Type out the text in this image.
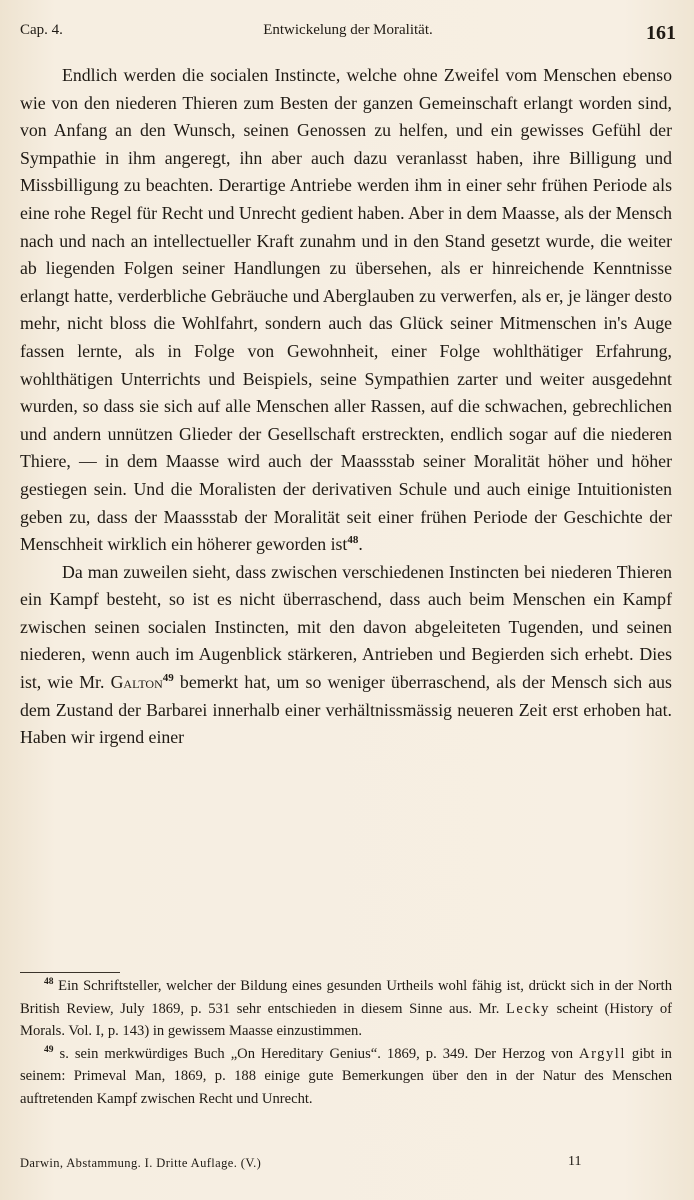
Cap. 4.	Entwickelung der Moralität.	161

Endlich werden die socialen Instincte, welche ohne Zweifel vom Menschen ebenso wie von den niederen Thieren zum Besten der ganzen Gemeinschaft erlangt worden sind, von Anfang an den Wunsch, seinen Genossen zu helfen, und ein gewisses Gefühl der Sympathie in ihm angeregt, ihn aber auch dazu veranlasst haben, ihre Billigung und Missbilligung zu beachten. Derartige Antriebe werden ihm in einer sehr frühen Periode als eine rohe Regel für Recht und Unrecht gedient haben. Aber in dem Maasse, als der Mensch nach und nach an intellectueller Kraft zunahm und in den Stand gesetzt wurde, die weiter ab liegenden Folgen seiner Handlungen zu übersehen, als er hinreichende Kenntnisse erlangt hatte, verderbliche Gebräuche und Aberglauben zu verwerfen, als er, je länger desto mehr, nicht bloss die Wohlfahrt, sondern auch das Glück seiner Mitmenschen in's Auge fassen lernte, als in Folge von Gewohnheit, einer Folge wohlthätiger Erfahrung, wohlthätigen Unterrichts und Beispiels, seine Sympathien zarter und weiter ausgedehnt wurden, so dass sie sich auf alle Menschen aller Rassen, auf die schwachen, gebrechlichen und andern unnützen Glieder der Gesellschaft erstreckten, endlich sogar auf die niederen Thiere, — in dem Maasse wird auch der Maassstab seiner Moralität höher und höher gestiegen sein. Und die Moralisten der derivativen Schule und auch einige Intuitionisten geben zu, dass der Maassstab der Moralität seit einer frühen Periode der Geschichte der Menschheit wirklich ein höherer geworden ist$^{48}$.

Da man zuweilen sieht, dass zwischen verschiedenen Instincten bei niederen Thieren ein Kampf besteht, so ist es nicht überraschend, dass auch beim Menschen ein Kampf zwischen seinen socialen Instincten, mit den davon abgeleiteten Tugenden, und seinen niederen, wenn auch im Augenblick stärkeren, Antrieben und Begierden sich erhebt. Dies ist, wie Mr. Galton$^{49}$ bemerkt hat, um so weniger überraschend, als der Mensch sich aus dem Zustand der Barbarei innerhalb einer verhältnissmässig neueren Zeit erst erhoben hat. Haben wir irgend einer

$^{48}$ Ein Schriftsteller, welcher der Bildung eines gesunden Urtheils wohl fähig ist, drückt sich in der North British Review, July 1869, p. 531 sehr entschieden in diesem Sinne aus. Mr. Lecky scheint (History of Morals. Vol. I, p. 143) in gewissem Maasse einzustimmen.

$^{49}$ s. sein merkwürdiges Buch „On Hereditary Genius“. 1869, p. 349. Der Herzog von Argyll gibt in seinem: Primeval Man, 1869, p. 188 einige gute Bemerkungen über den in der Natur des Menschen auftretenden Kampf zwischen Recht und Unrecht.

Darwin, Abstammung. I. Dritte Auflage. (V.)	11
